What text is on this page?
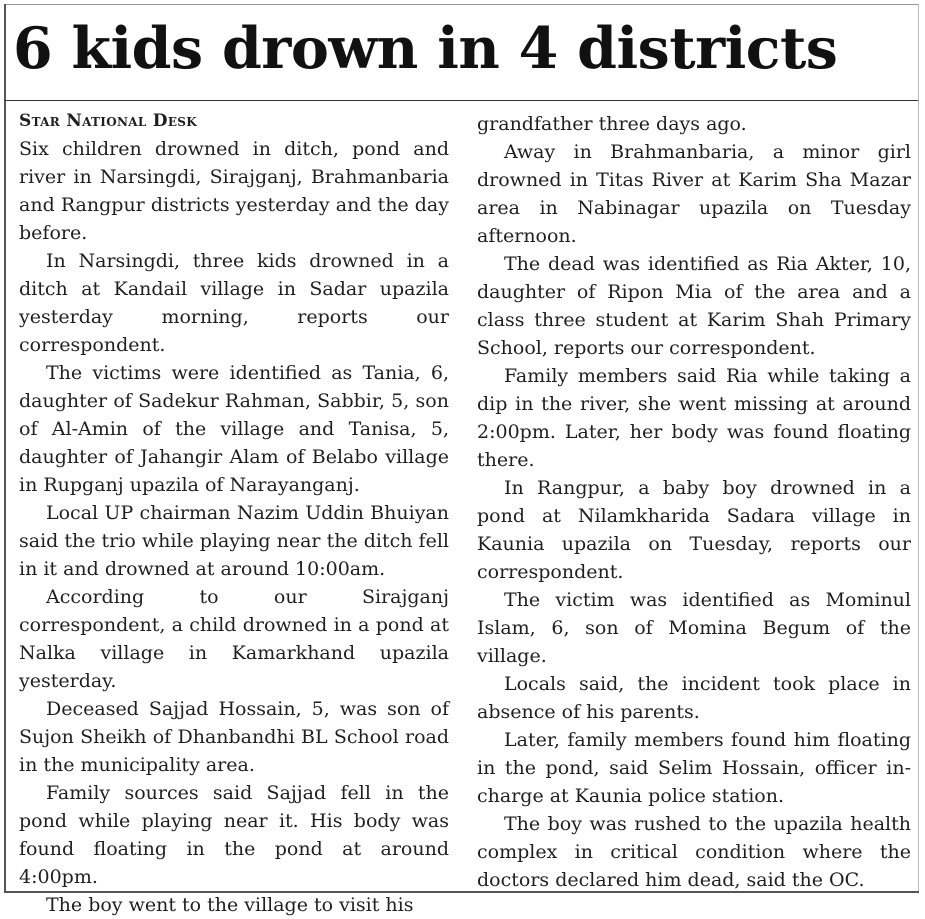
6 kids drown in 4 districts

Star National Desk

Six children drowned in ditch, pond and river in Narsingdi, Sirajganj, Brahmanbaria and Rangpur districts yesterday and the day before.

In Narsingdi, three kids drowned in a ditch at Kandail village in Sadar upazila yesterday morning, reports our correspondent.

The victims were identified as Tania, 6, daughter of Sadekur Rahman, Sabbir, 5, son of Al-Amin of the village and Tanisa, 5, daughter of Jahangir Alam of Belabo village in Rupganj upazila of Narayanganj.

Local UP chairman Nazim Uddin Bhuiyan said the trio while playing near the ditch fell in it and drowned at around 10:00am.

According to our Sirajganj correspondent, a child drowned in a pond at Nalka village in Kamarkhand upazila yesterday.

Deceased Sajjad Hossain, 5, was son of Sujon Sheikh of Dhanbandhi BL School road in the municipality area.

Family sources said Sajjad fell in the pond while playing near it. His body was found floating in the pond at around 4:00pm.

The boy went to the village to visit his

grandfather three days ago.

Away in Brahmanbaria, a minor girl drowned in Titas River at Karim Sha Mazar area in Nabinagar upazila on Tuesday afternoon.

The dead was identified as Ria Akter, 10, daughter of Ripon Mia of the area and a class three student at Karim Shah Primary School, reports our correspondent.

Family members said Ria while taking a dip in the river, she went missing at around 2:00pm. Later, her body was found floating there.

In Rangpur, a baby boy drowned in a pond at Nilamkharida Sadara village in Kaunia upazila on Tuesday, reports our correspondent.

The victim was identified as Mominul Islam, 6, son of Momina Begum of the village.

Locals said, the incident took place in absence of his parents.

Later, family members found him floating in the pond, said Selim Hossain, officer in-charge at Kaunia police station.

The boy was rushed to the upazila health complex in critical condition where the doctors declared him dead, said the OC.
